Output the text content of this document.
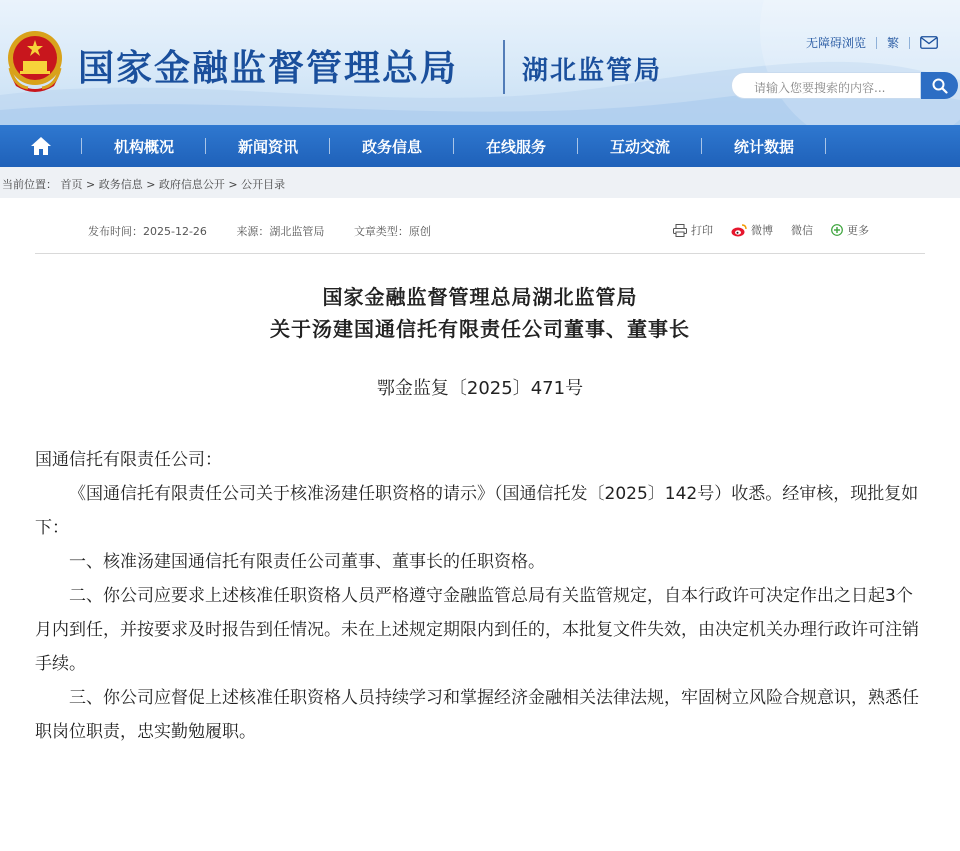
国家金融监督管理总局 湖北监管局
无障碍浏览 繁
请输入您要搜索的内容...
机构概况	新闻资讯	政务信息	在线服务	互动交流	统计数据
当前位置： 首页 > 政务信息 > 政府信息公开 > 公开目录
发布时间：2025-12-26	来源：湖北监管局	文章类型：原创	打印	微博 微信	更多
国家金融监督管理总局湖北监管局
关于汤建国通信托有限责任公司董事、董事长
鄂金监复〔2025〕471号

国通信托有限责任公司：

《国通信托有限责任公司关于核准汤建任职资格的请示》（国通信托发〔2025〕142号）收悉。经审核，现批复如下：

一、核准汤建国通信托有限责任公司董事、董事长的任职资格。

二、你公司应要求上述核准任职资格人员严格遵守金融监管总局有关监管规定，自本行政许可决定作出之日起3个月内到任，并按要求及时报告到任情况。未在上述规定期限内到任的，本批复文件失效，由决定机关办理行政许可注销手续。

三、你公司应督促上述核准任职资格人员持续学习和掌握经济金融相关法律法规，牢固树立风险合规意识，熟悉任职岗位职责，忠实勤勉履职。
